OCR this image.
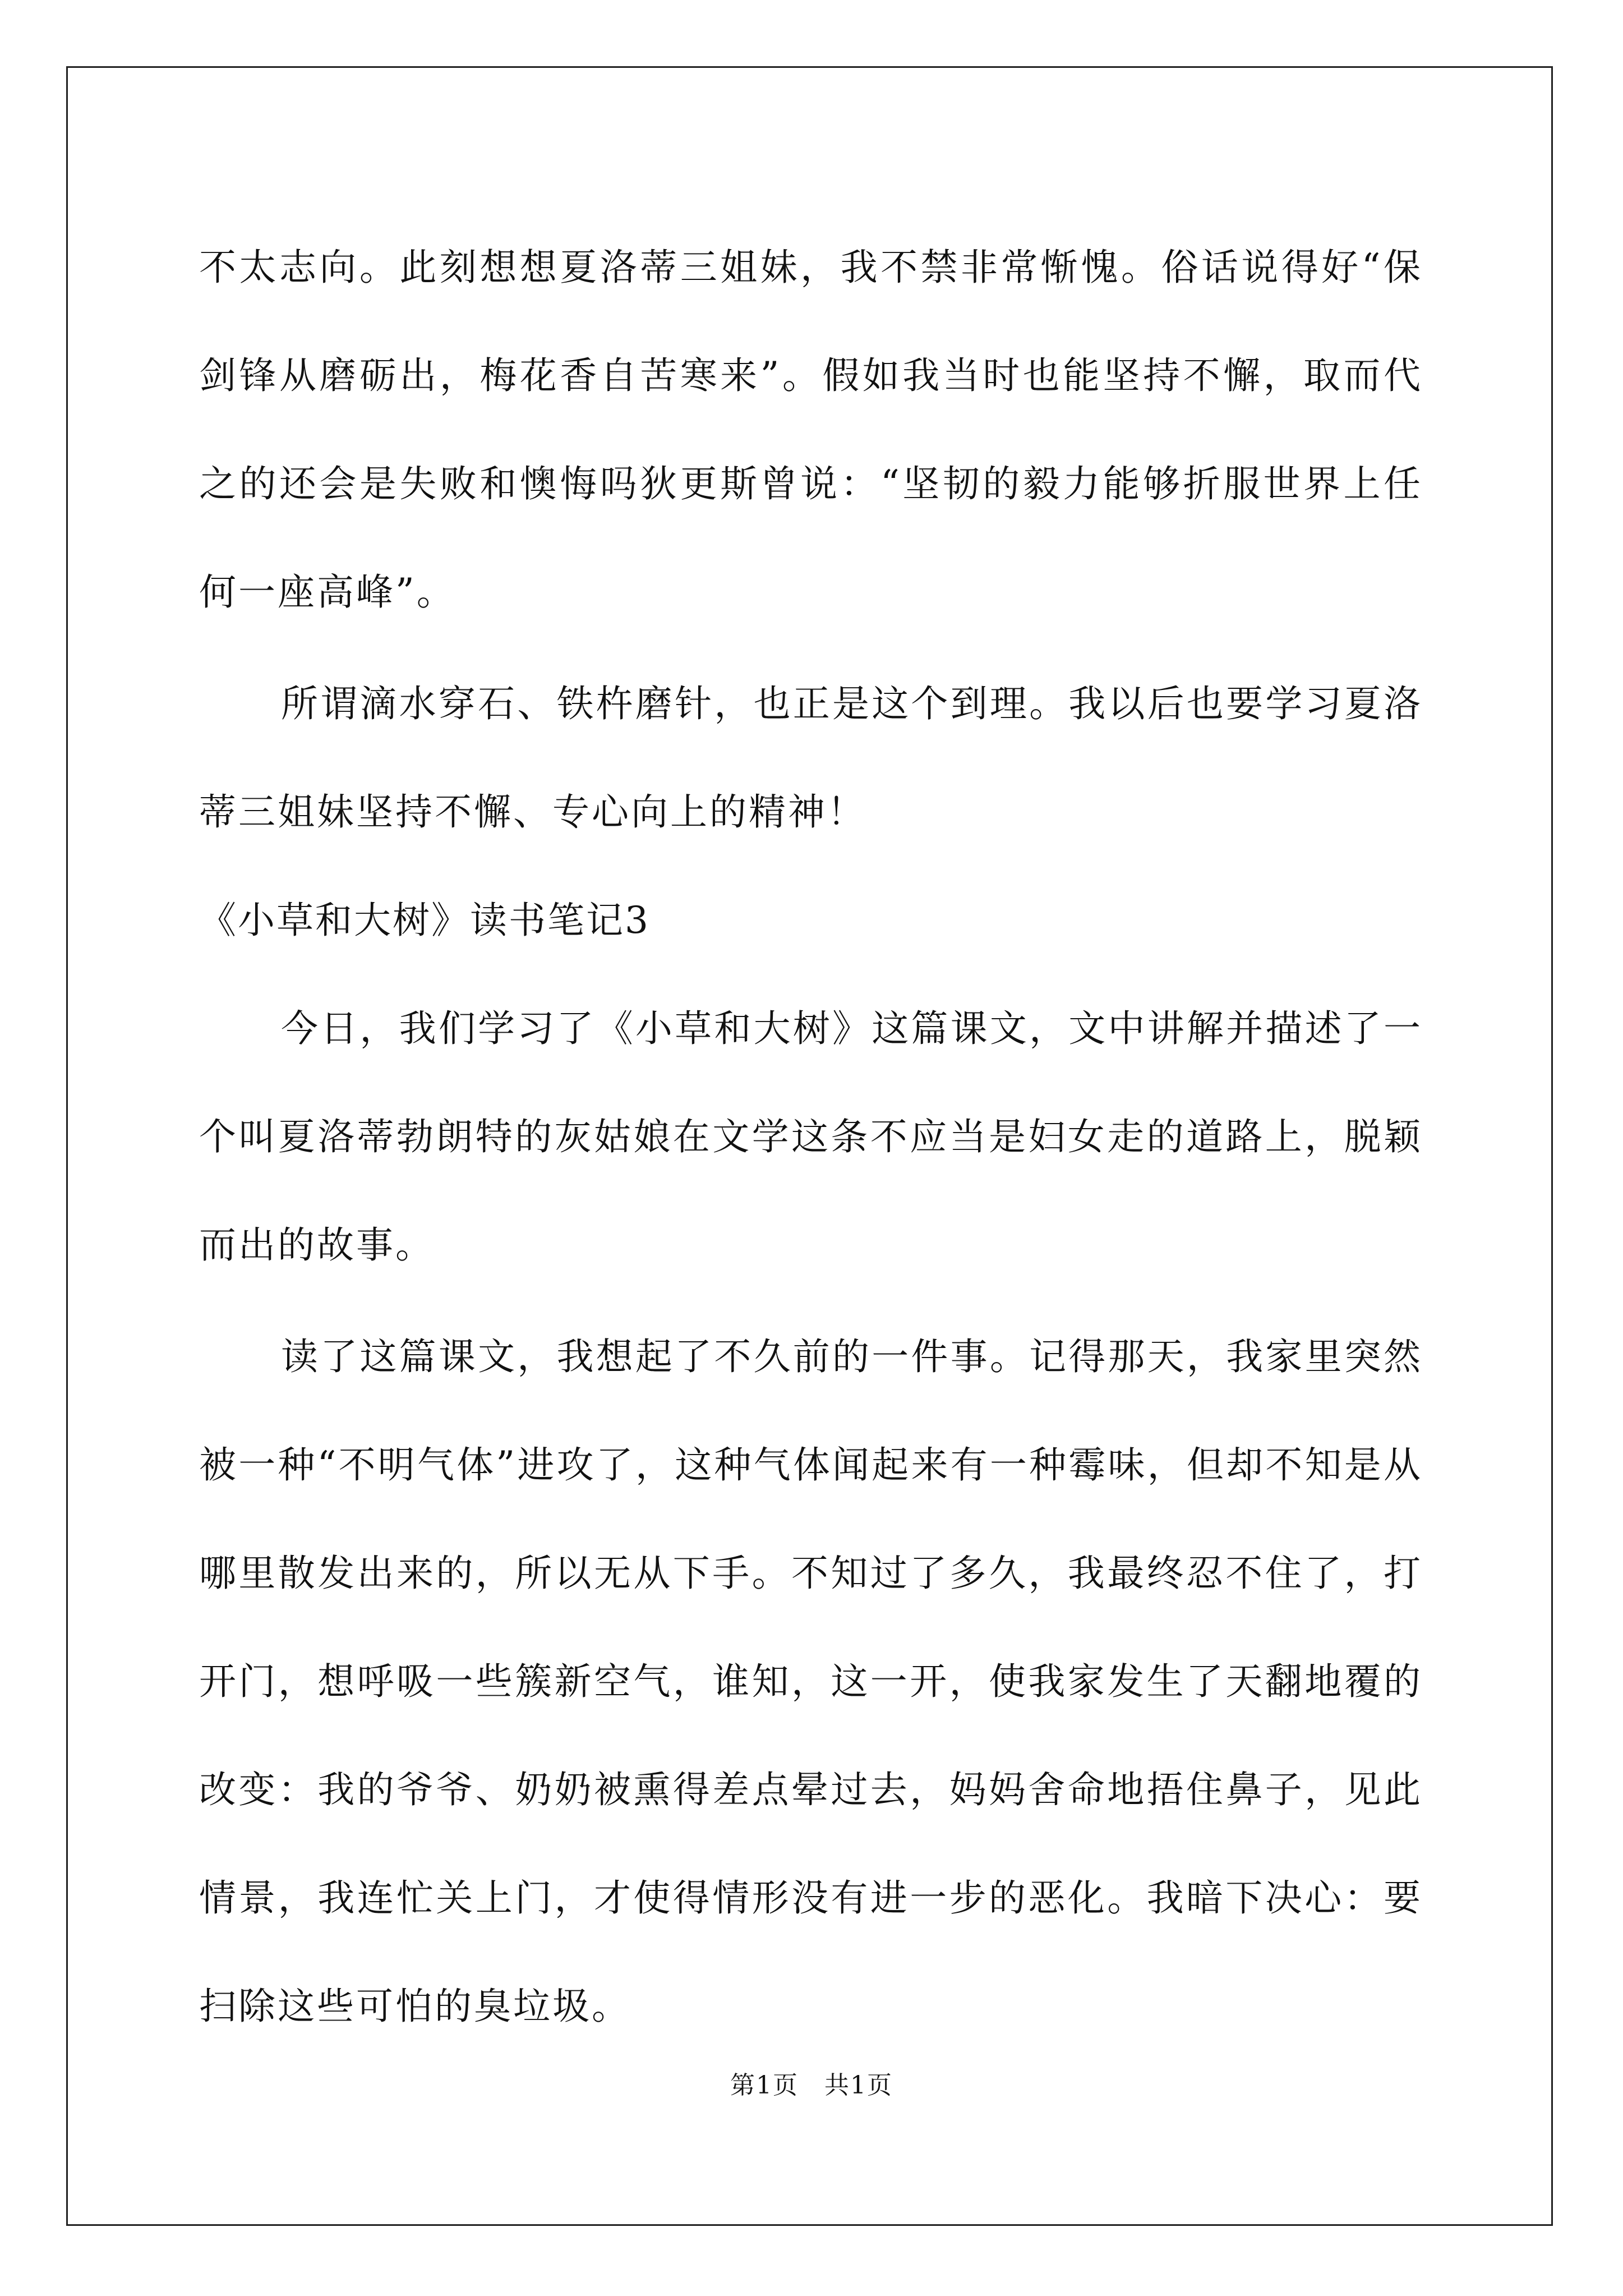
不太志向。此刻想想夏洛蒂三姐妹，我不禁非常惭愧。俗话说得好“保剑锋从磨砺出，梅花香自苦寒来”。假如我当时也能坚持不懈，取而代之的还会是失败和懊悔吗狄更斯曾说：“坚韧的毅力能够折服世界上任何一座高峰”。

所谓滴水穿石、铁杵磨针，也正是这个到理。我以后也要学习夏洛蒂三姐妹坚持不懈、专心向上的精神！

《小草和大树》读书笔记3

今日，我们学习了《小草和大树》这篇课文，文中讲解并描述了一个叫夏洛蒂勃朗特的灰姑娘在文学这条不应当是妇女走的道路上，脱颖而出的故事。

读了这篇课文，我想起了不久前的一件事。记得那天，我家里突然被一种“不明气体”进攻了，这种气体闻起来有一种霉味，但却不知是从哪里散发出来的，所以无从下手。不知过了多久，我最终忍不住了，打开门，想呼吸一些簇新空气，谁知，这一开，使我家发生了天翻地覆的改变：我的爷爷、奶奶被熏得差点晕过去，妈妈舍命地捂住鼻子，见此情景，我连忙关上门，才使得情形没有进一步的恶化。我暗下决心：要扫除这些可怕的臭垃圾。

第1页　共1页
